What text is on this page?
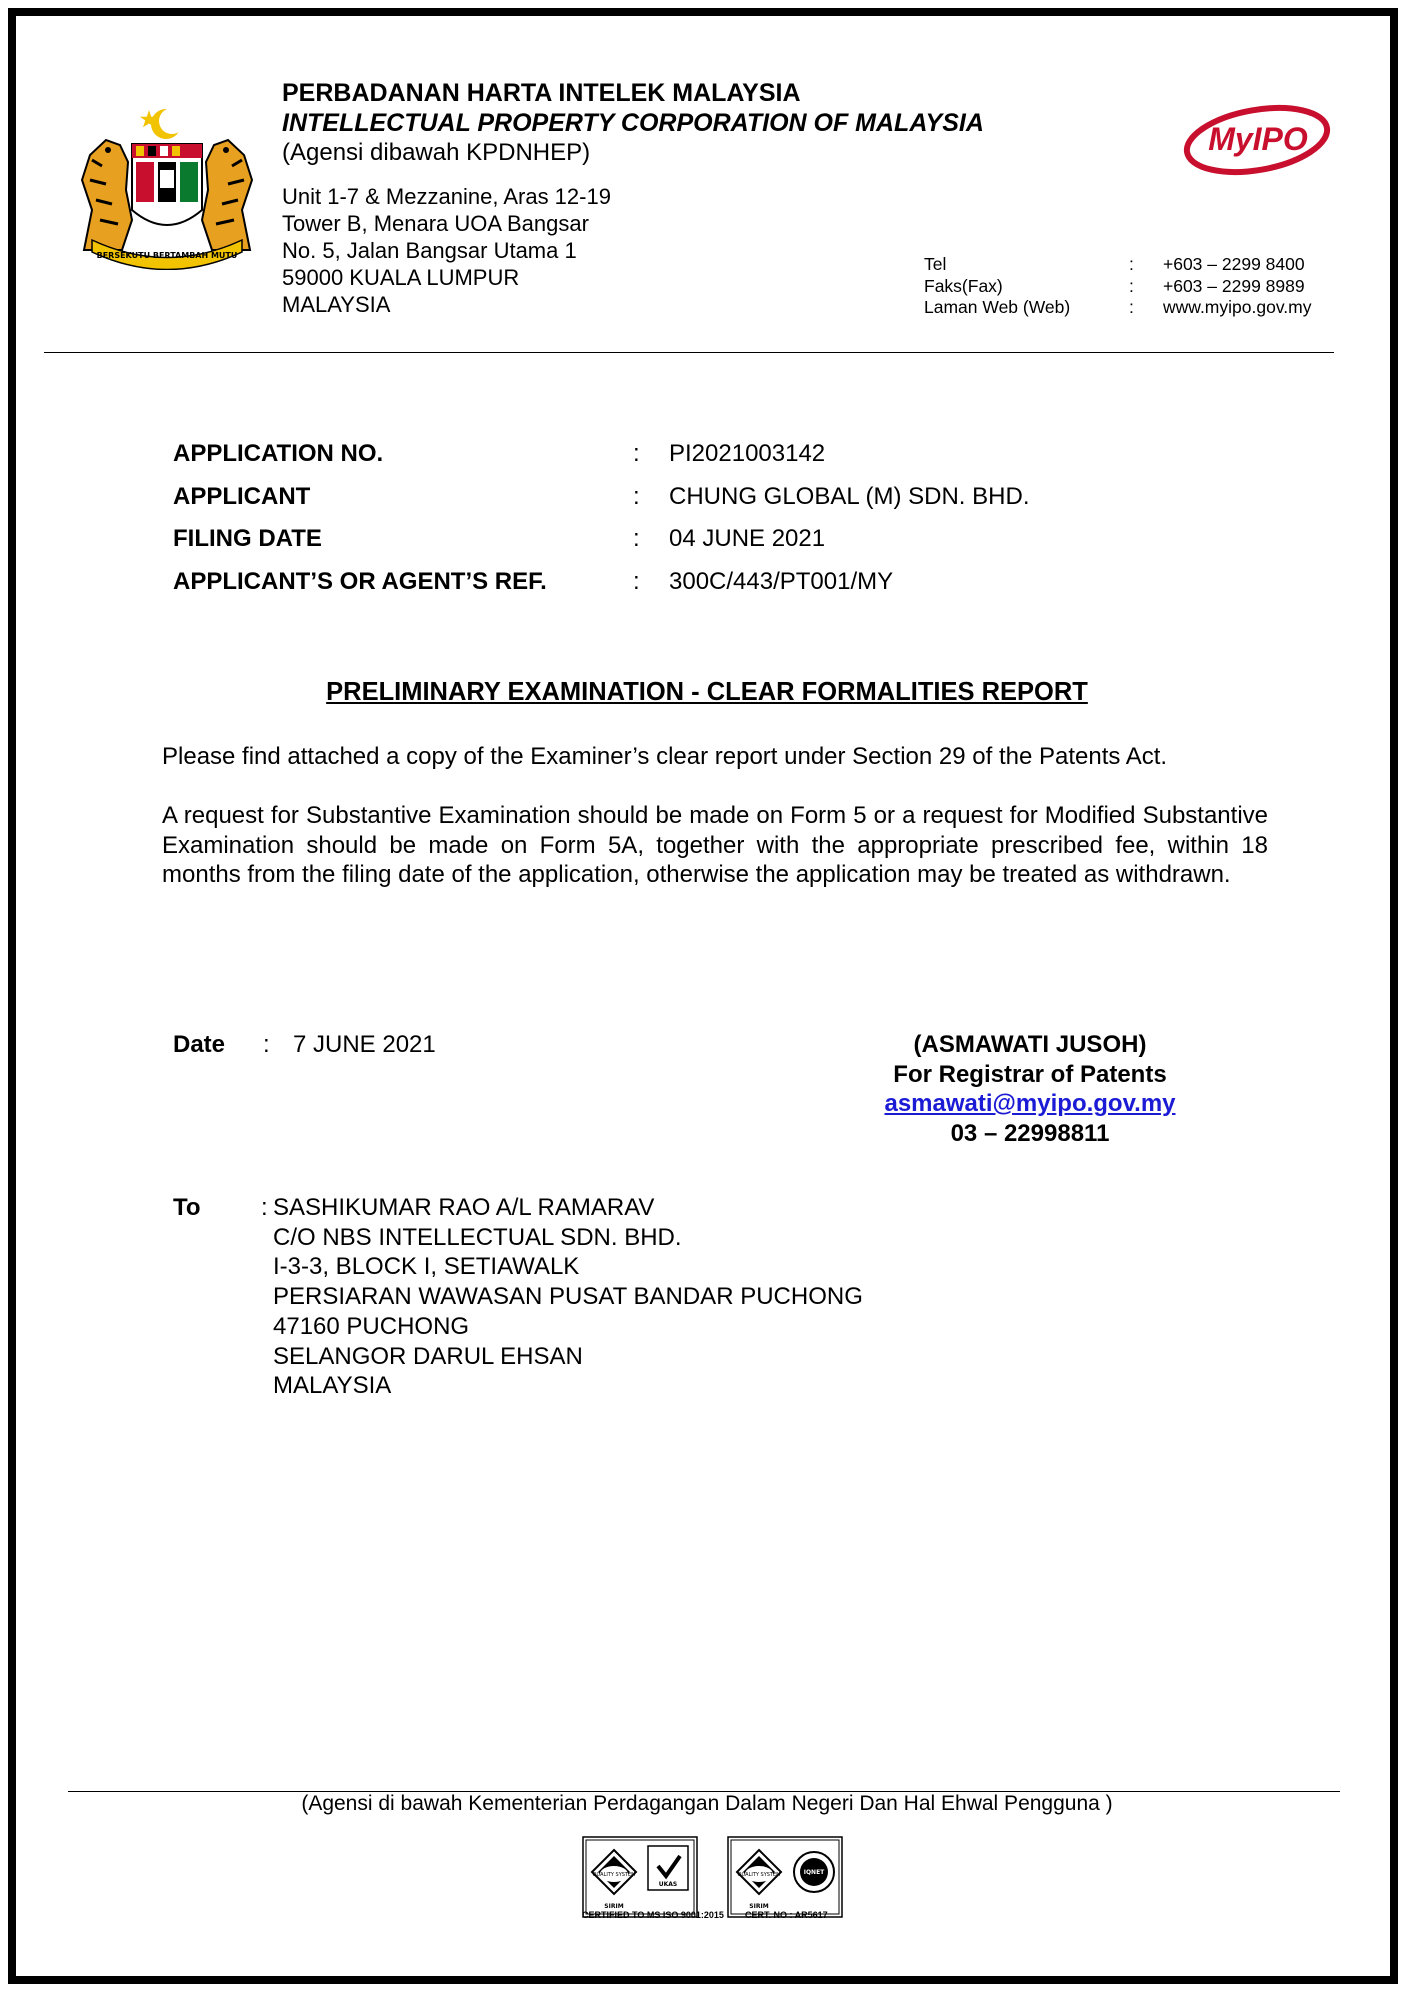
BERSEKUTU BERTAMBAH MUTU
PERBADANAN HARTA INTELEK MALAYSIA
INTELLECTUAL PROPERTY CORPORATION OF MALAYSIA
(Agensi dibawah KPDNHEP)
Unit 1-7 & Mezzanine, Aras 12-19
Tower B, Menara UOA Bangsar
No. 5, Jalan Bangsar Utama 1
59000 KUALA LUMPUR
MALAYSIA
MyIPO
Tel	:	+603 – 2299 8400
Faks(Fax)	:	+603 – 2299 8989
Laman Web (Web)	:	www.myipo.gov.my
APPLICATION NO.	:	PI2021003142
APPLICANT	:	CHUNG GLOBAL (M) SDN. BHD.
FILING DATE	:	04 JUNE 2021
APPLICANT’S OR AGENT’S REF.	:	300C/443/PT001/MY
PRELIMINARY EXAMINATION - CLEAR FORMALITIES REPORT
Please find attached a copy of the Examiner’s clear report under Section 29 of the Patents Act.
A request for Substantive Examination should be made on Form 5 or a request for Modified Substantive Examination should be made on Form 5A, together with the appropriate prescribed fee, within 18 months from the filing date of the application, otherwise the application may be treated as withdrawn.
Date	: 7 JUNE 2021	(ASMAWATI JUSOH)
For Registrar of Patents
asmawati@myipo.gov.my
03 – 22998811
To	: SASHIKUMAR RAO A/L RAMARAV
C/O NBS INTELLECTUAL SDN. BHD.
I-3-3, BLOCK I, SETIAWALK
PERSIARAN WAWASAN PUSAT BANDAR PUCHONG
47160 PUCHONG
SELANGOR DARUL EHSAN
MALAYSIA
(Agensi di bawah Kementerian Perdagangan Dalam Negeri Dan Hal Ehwal Pengguna )
QUALITY SYSTEM
SIRIM
UKAS
QUALITY SYSTEM
SIRIM
IQNET
CERTIFIED TO MS ISO 9001:2015 CERT. NO : AR5617
